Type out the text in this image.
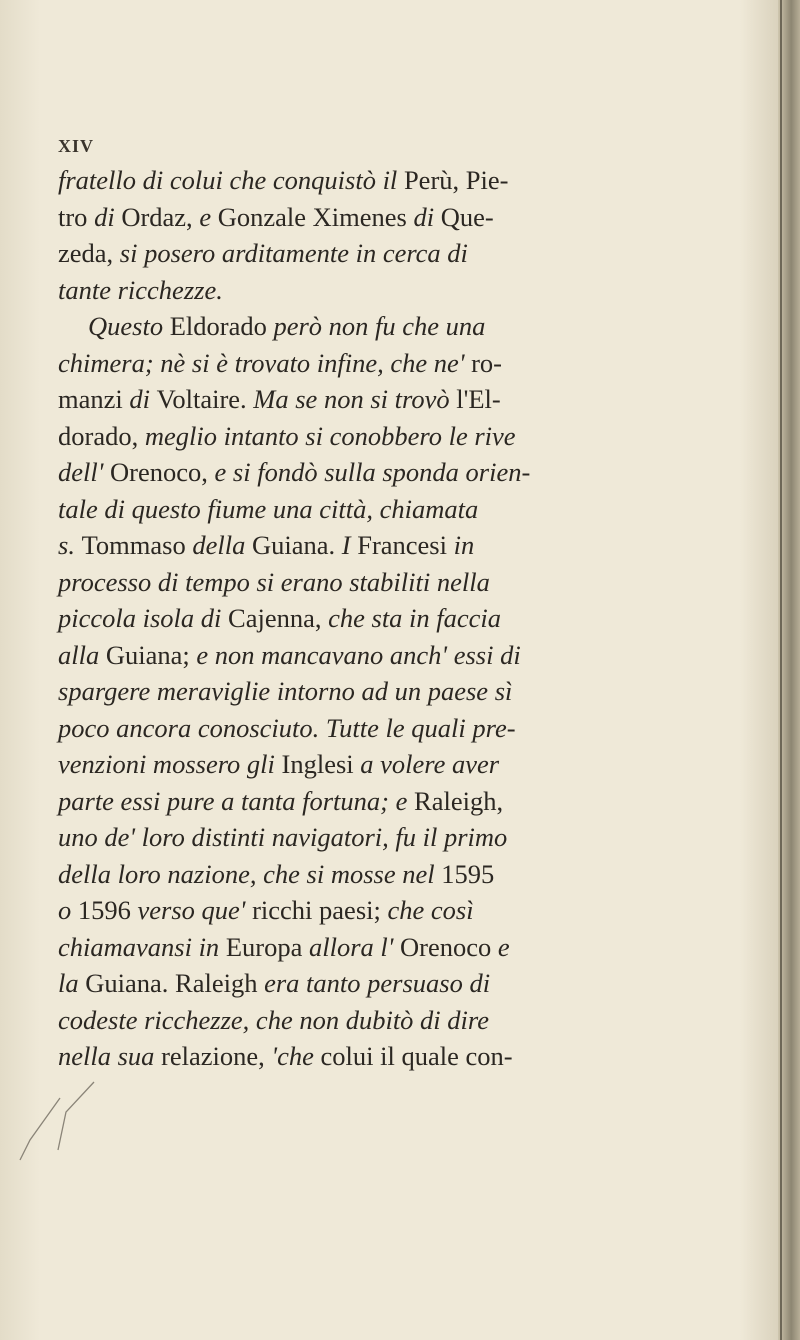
XIV
fratello di colui che conquistò il Perù, Pie-
tro di Ordaz, e Gonzale Ximenes di Que-
zeda, si posero arditamente in cerca di
tante ricchezze.
Questo Eldorado però non fu che una
chimera; nè si è trovato infine, che ne' ro-
manzi di Voltaire. Ma se non si trovò l'El-
dorado, meglio intanto si conobbero le rive
dell' Orenoco, e si fondò sulla sponda orien-
tale di questo fiume una città, chiamata
s. Tommaso della Guiana. I Francesi in
processo di tempo si erano stabiliti nella
piccola isola di Cajenna, che sta in faccia
alla Guiana; e non mancavano anch' essi di
spargere meraviglie intorno ad un paese sì
poco ancora conosciuto. Tutte le quali pre-
venzioni mossero gli Inglesi a volere aver
parte essi pure a tanta fortuna; e Raleigh,
uno de' loro distinti navigatori, fu il primo
della loro nazione, che si mosse nel 1595
o 1596 verso que' ricchi paesi; che così
chiamavansi in Europa allora l' Orenoco e
la Guiana. Raleigh era tanto persuaso di
codeste ricchezze, che non dubitò di dire
nella sua relazione, 'che colui il quale con-
